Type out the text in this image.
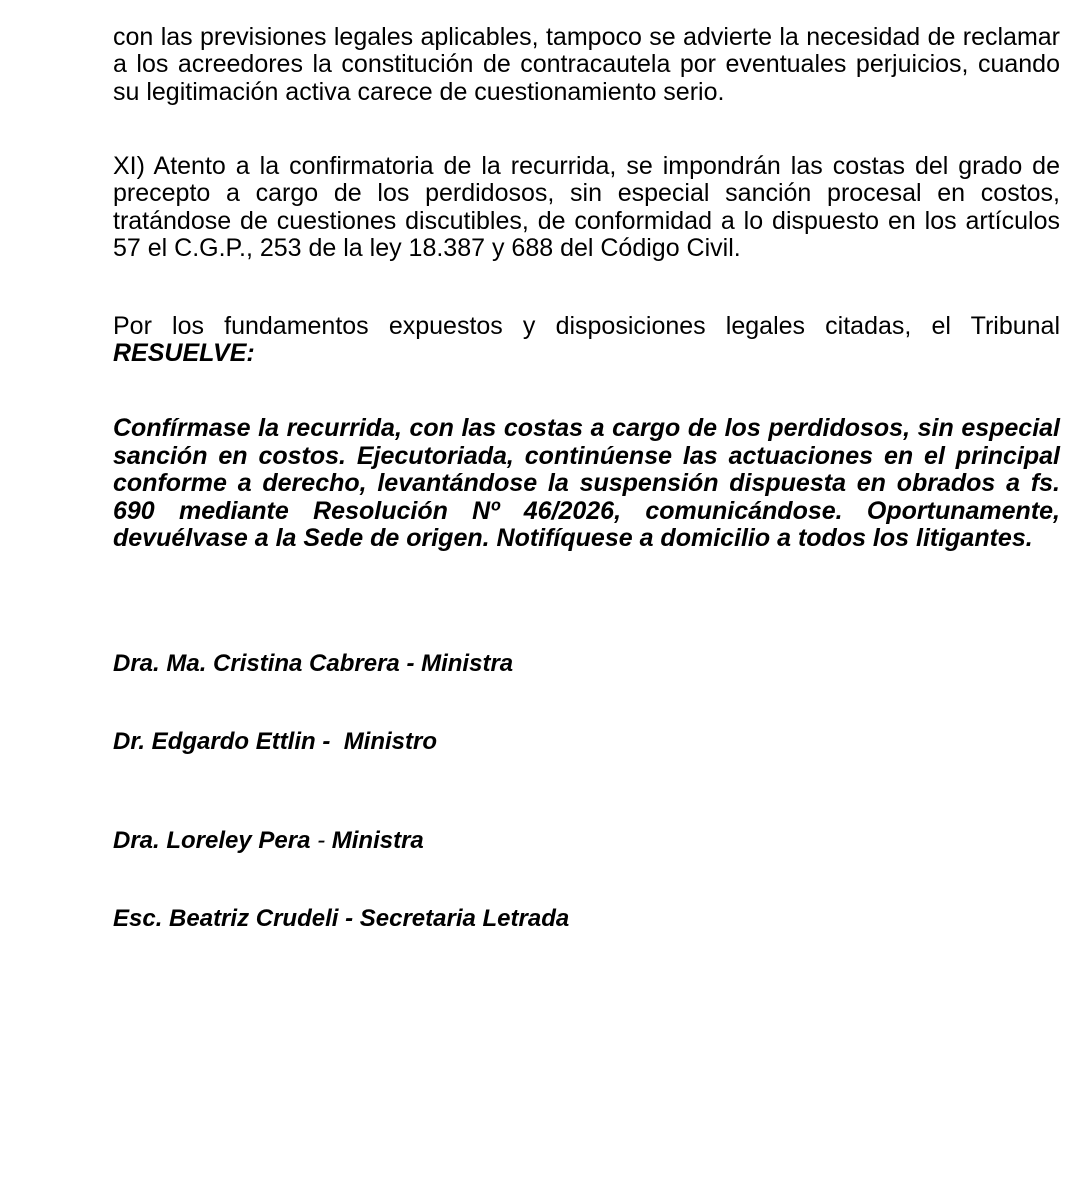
con las previsiones legales aplicables, tampoco se advierte la necesidad de reclamar a los acreedores la constitución de contracautela por eventuales perjuicios, cuando su legitimación activa carece de cuestionamiento serio.

XI) Atento a la confirmatoria de la recurrida, se impondrán las costas del grado de precepto a cargo de los perdidosos, sin especial sanción procesal en costos, tratándose de cuestiones discutibles, de conformidad a lo dispuesto en los artículos 57 el C.G.P., 253 de la ley 18.387 y 688 del Código Civil.

Por los fundamentos expuestos y disposiciones legales citadas, el Tribunal RESUELVE:

Confírmase la recurrida, con las costas a cargo de los perdidosos, sin especial sanción en costos. Ejecutoriada, continúense las actuaciones en el principal conforme a derecho, levantándose la suspensión dispuesta en obrados a fs. 690 mediante Resolución Nº 46/2026, comunicándose. Oportunamente, devuélvase a la Sede de origen. Notifíquese a domicilio a todos los litigantes.

Dra. Ma. Cristina Cabrera - Ministra
Dr. Edgardo Ettlin -  Ministro
Dra. Loreley Pera - Ministra
Esc. Beatriz Crudeli - Secretaria Letrada
